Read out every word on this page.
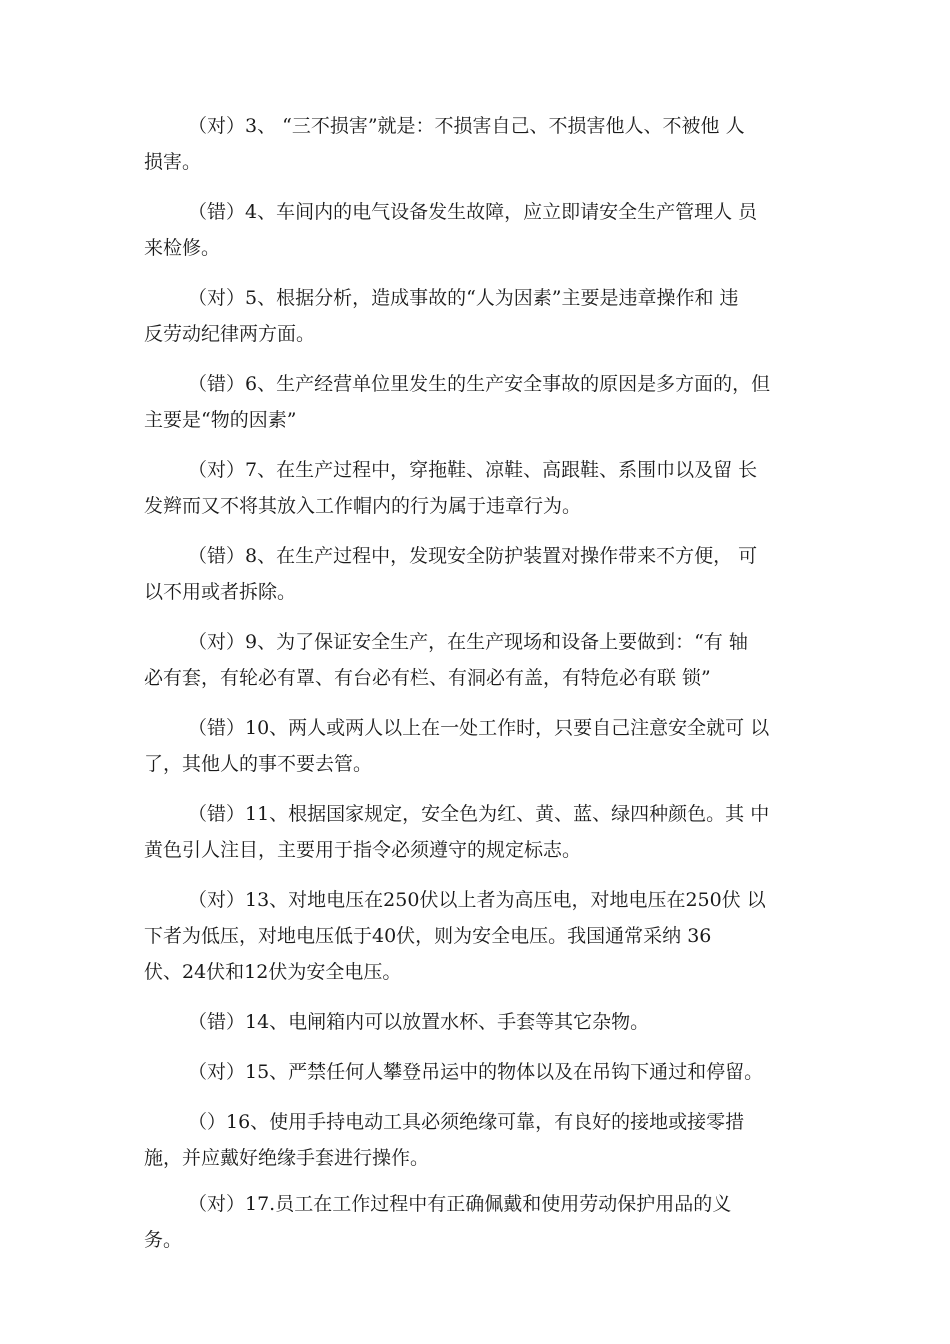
（对）3、 “三不损害”就是：不损害自己、不损害他人、不被他 人
损害。
（错）4、车间内的电气设备发生故障，应立即请安全生产管理人 员
来检修。
（对）5、根据分析，造成事故的“人为因素”主要是违章操作和 违
反劳动纪律两方面。
（错）6、生产经营单位里发生的生产安全事故的原因是多方面的，但
主要是“物的因素”
（对）7、在生产过程中，穿拖鞋、凉鞋、高跟鞋、系围巾以及留 长
发辫而又不将其放入工作帽内的行为属于违章行为。
（错）8、在生产过程中，发现安全防护装置对操作带来不方便， 可
以不用或者拆除。
（对）9、为了保证安全生产，在生产现场和设备上要做到：“有 轴
必有套，有轮必有罩、有台必有栏、有洞必有盖，有特危必有联 锁”
（错）10、两人或两人以上在一处工作时，只要自己注意安全就可 以
了，其他人的事不要去管。
（错）11、根据国家规定，安全色为红、黄、蓝、绿四种颜色。其 中
黄色引人注目，主要用于指令必须遵守的规定标志。
（对）13、对地电压在250伏以上者为高压电，对地电压在250伏 以
下者为低压，对地电压低于40伏，则为安全电压。我国通常采纳 36
伏、24伏和12伏为安全电压。
（错）14、电闸箱内可以放置水杯、手套等其它杂物。
（对）15、严禁任何人攀登吊运中的物体以及在吊钩下通过和停留。
（）16、使用手持电动工具必须绝缘可靠，有良好的接地或接零措
施，并应戴好绝缘手套进行操作。
（对）17.员工在工作过程中有正确佩戴和使用劳动保护用品的义
务。
